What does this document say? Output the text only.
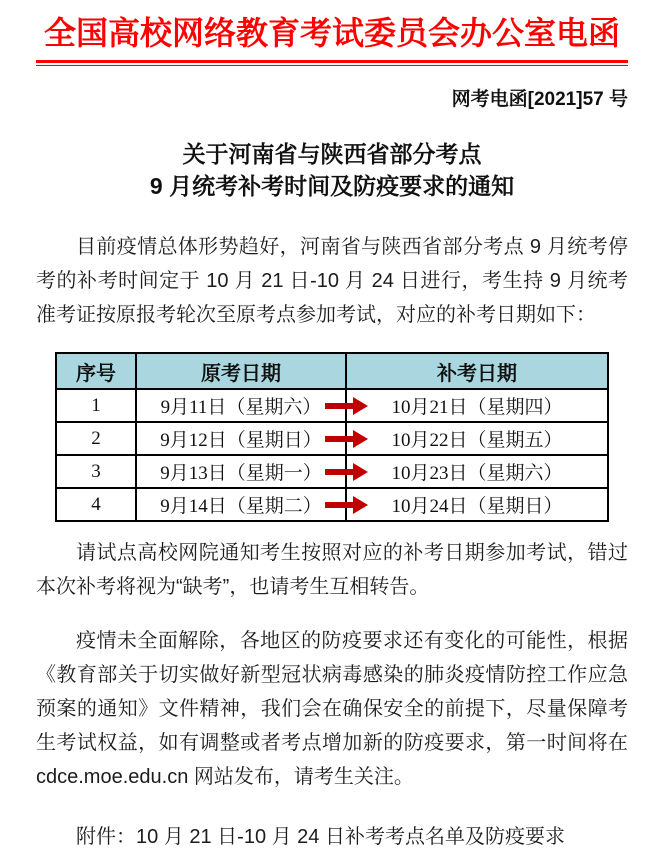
全国高校网络教育考试委员会办公室电函
网考电函[2021]57 号
关于河南省与陕西省部分考点
9 月统考补考时间及防疫要求的通知

目前疫情总体形势趋好，河南省与陕西省部分考点 9 月统考停考的补考时间定于 10 月 21 日-10 月 24 日进行，考生持 9 月统考准考证按原报考轮次至原考点参加考试，对应的补考日期如下：

序号	原考日期	补考日期
1	9月11日（星期六）	10月21日（星期四）
2	9月12日（星期日）	10月22日（星期五）
3	9月13日（星期一）	10月23日（星期六）
4	9月14日（星期二）	10月24日（星期日）

请试点高校网院通知考生按照对应的补考日期参加考试，错过本次补考将视为“缺考”，也请考生互相转告。

疫情未全面解除，各地区的防疫要求还有变化的可能性，根据《教育部关于切实做好新型冠状病毒感染的肺炎疫情防控工作应急预案的通知》文件精神，我们会在确保安全的前提下，尽量保障考生考试权益，如有调整或者考点增加新的防疫要求，第一时间将在 cdce.moe.edu.cn 网站发布，请考生关注。

附件：10 月 21 日-10 月 24 日补考考点名单及防疫要求
